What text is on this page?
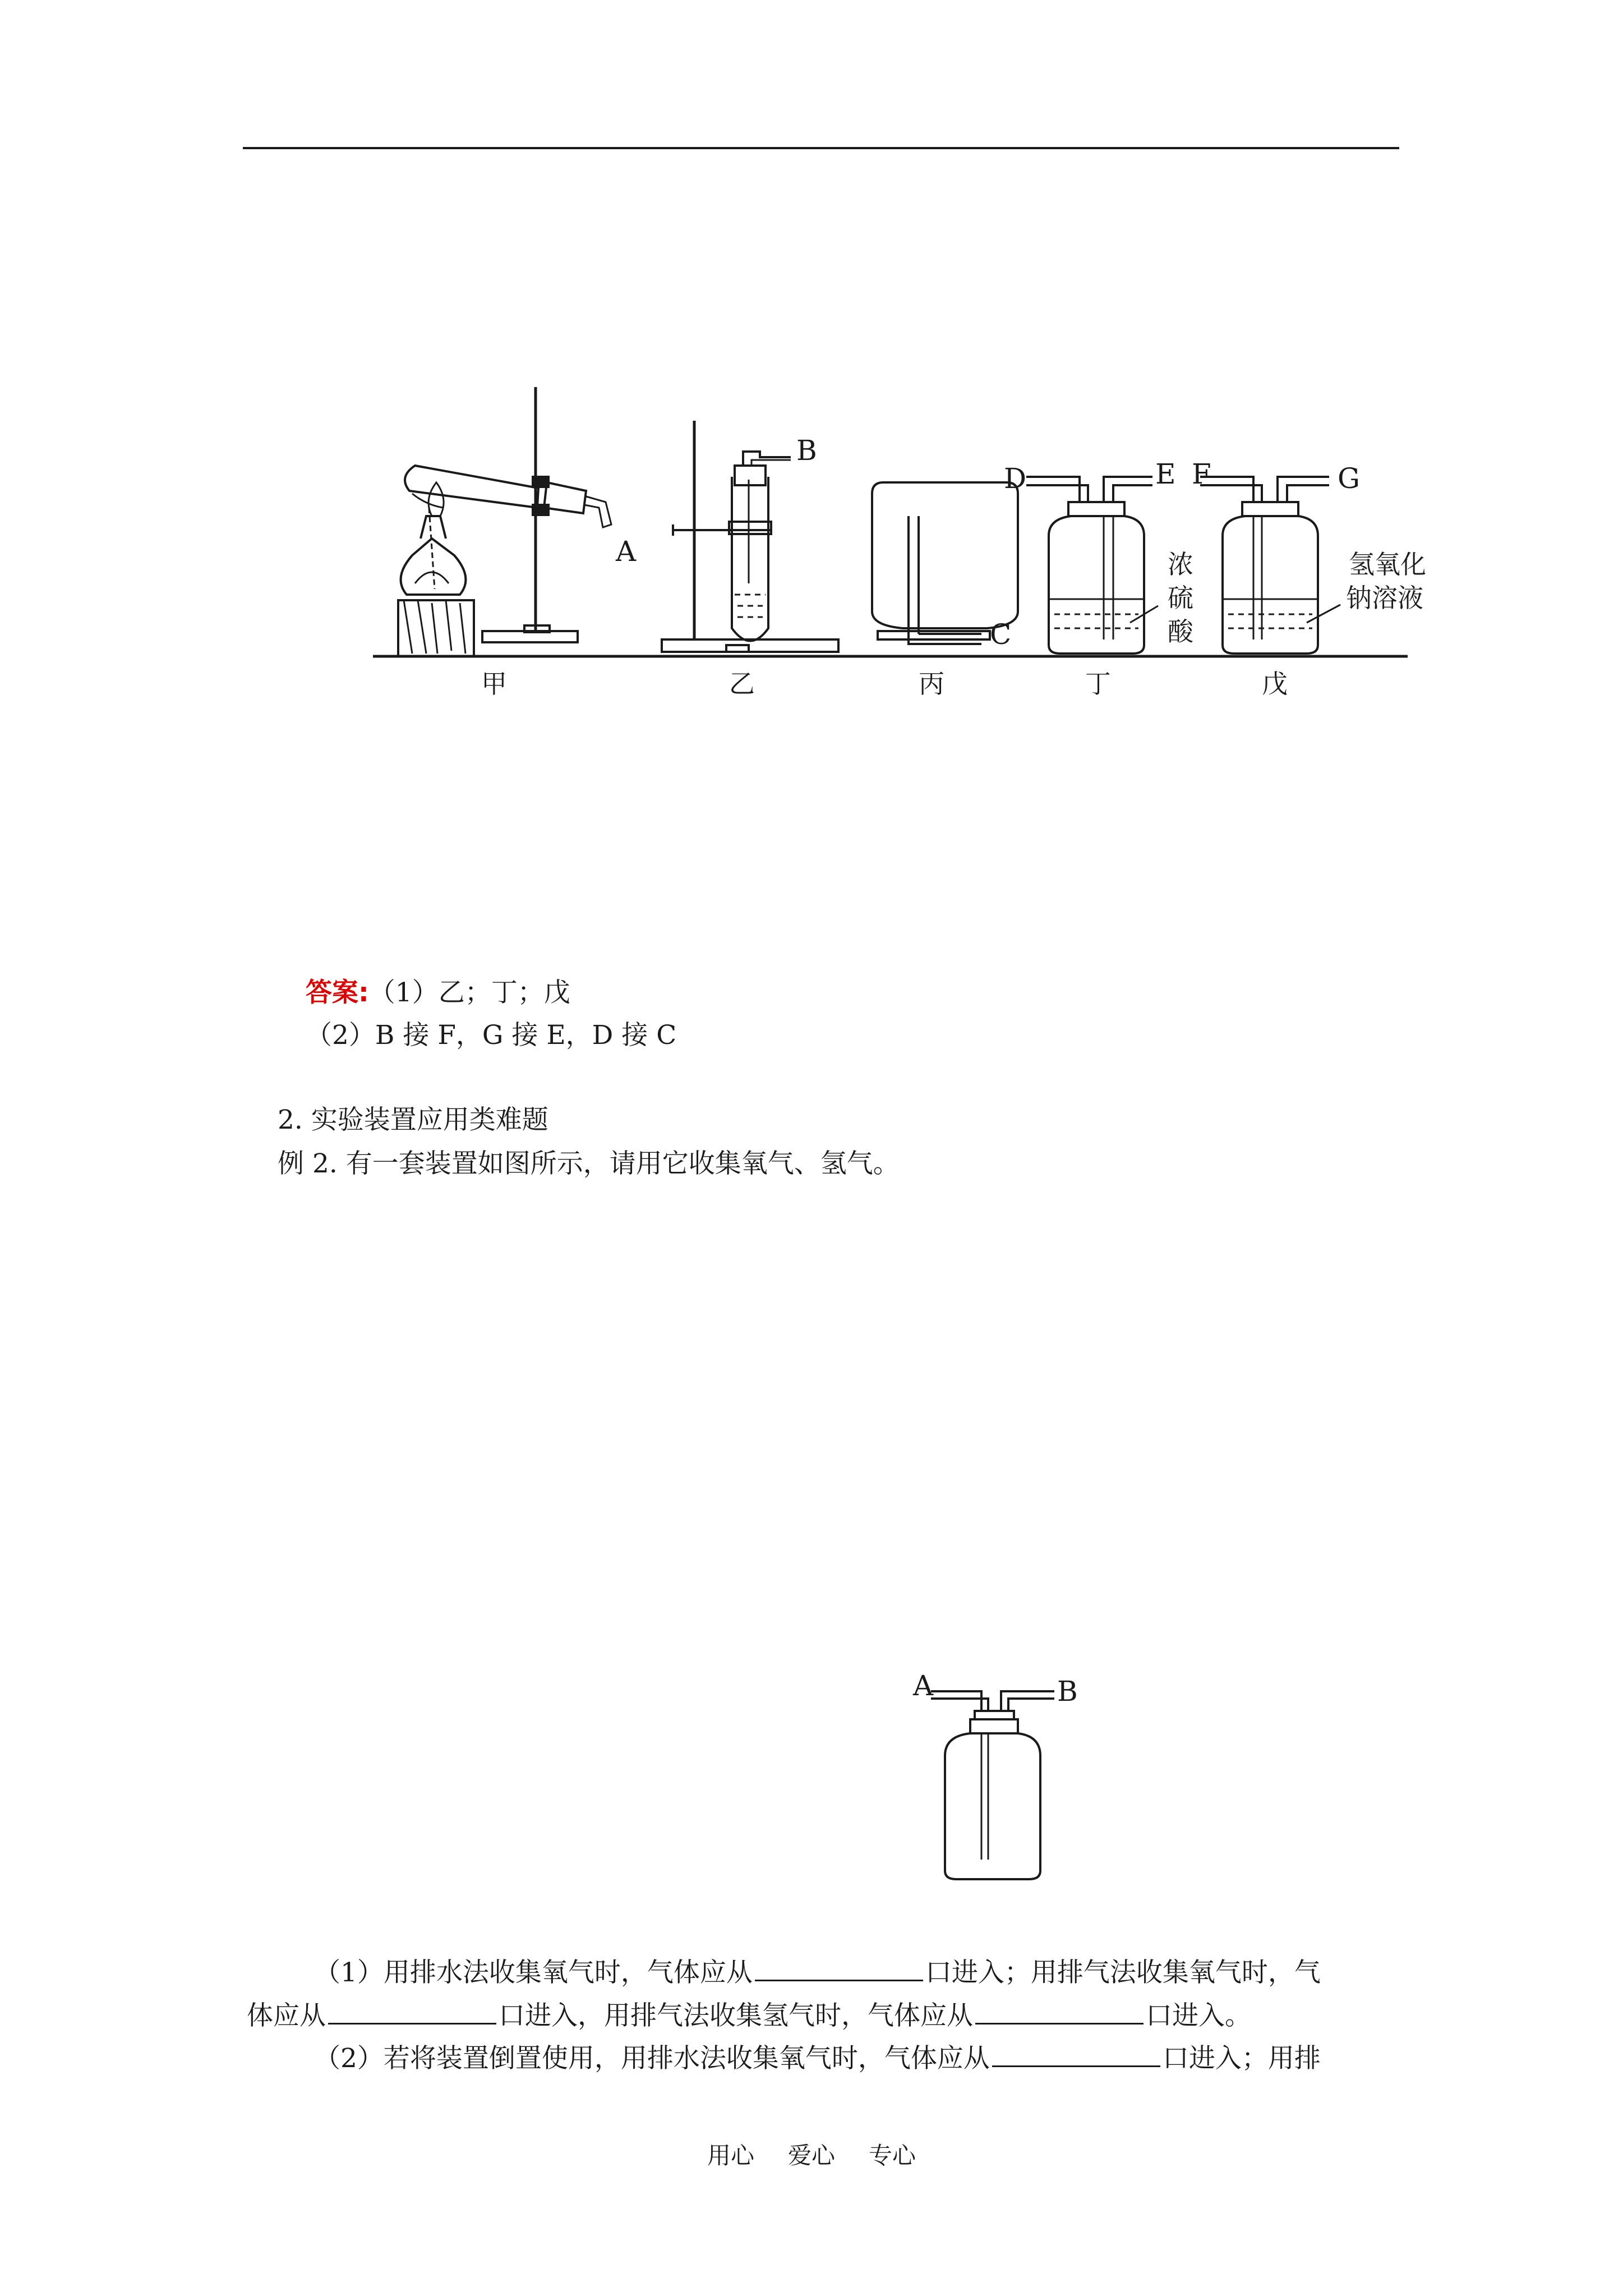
A
B
C
D	E F	G
浓
硫
酸
氢氧化
钠溶液
甲	乙	丙	丁	戊
答案:（1）乙；丁；戊
（2）B 接 F，G 接 E，D 接 C
2. 实验装置应用类难题
例 2. 有一套装置如图所示，请用它收集氧气、氢气。
A	B
（1）用排水法收集氧气时，气体应从	口进入；用排气法收集氧气时，气
体应从	口进入，用排气法收集氢气时，气体应从	口进入。
（2）若将装置倒置使用，用排水法收集氧气时，气体应从	口进入；用排
用心 爱心 专心
